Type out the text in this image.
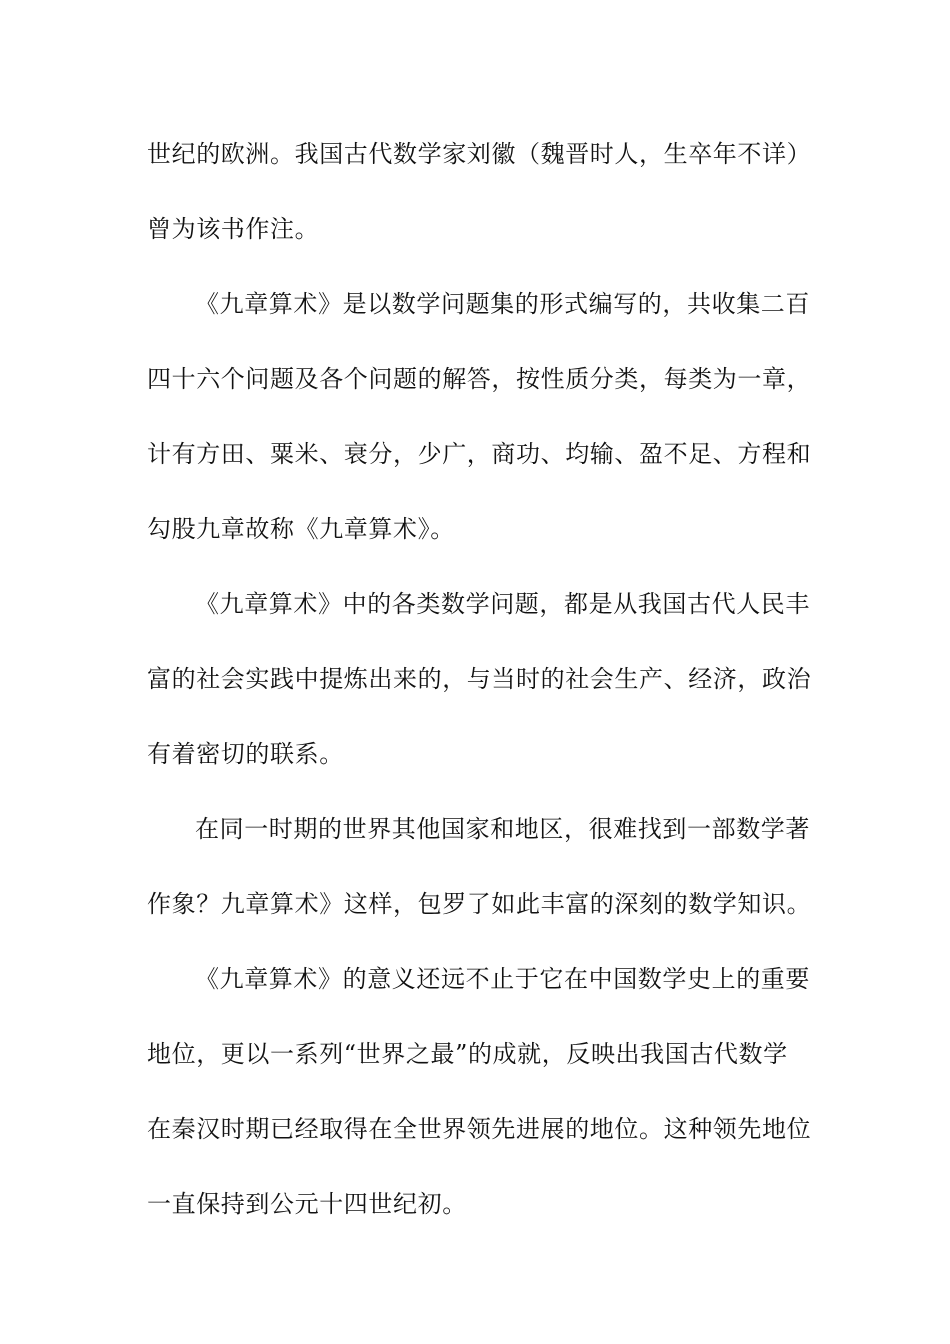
世纪的欧洲。我国古代数学家刘徽（魏晋时人，生卒年不详）
曾为该书作注。
《九章算术》是以数学问题集的形式编写的，共收集二百
四十六个问题及各个问题的解答，按性质分类，每类为一章，
计有方田、粟米、衰分，少广，商功、均输、盈不足、方程和
勾股九章故称《九章算术》。
《九章算术》中的各类数学问题，都是从我国古代人民丰
富的社会实践中提炼出来的，与当时的社会生产、经济，政治
有着密切的联系。
在同一时期的世界其他国家和地区，很难找到一部数学著
作象？九章算术》这样，包罗了如此丰富的深刻的数学知识。
《九章算术》的意义还远不止于它在中国数学史上的重要
地位，更以一系列“世界之最”的成就，反映出我国古代数学
在秦汉时期已经取得在全世界领先进展的地位。这种领先地位
一直保持到公元十四世纪初。
